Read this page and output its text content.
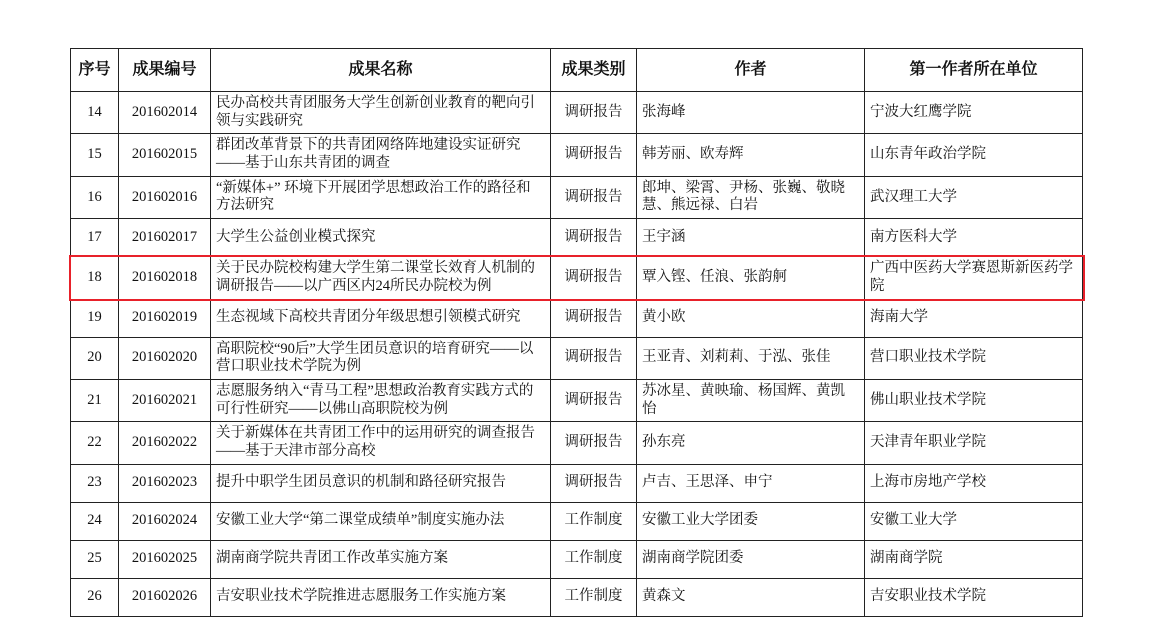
序号	成果编号	成果名称	成果类别	作者	第一作者所在单位
14	201602014	民办高校共青团服务大学生创新创业教育的靶向引领与实践研究	调研报告	张海峰	宁波大红鹰学院
15	201602015	群团改革背景下的共青团网络阵地建设实证研究——基于山东共青团的调查	调研报告	韩芳丽、欧寿辉	山东青年政治学院
16	201602016	“新媒体+” 环境下开展团学思想政治工作的路径和方法研究	调研报告	郎坤、梁霄、尹杨、张巍、敬晓慧、熊远禄、白岩	武汉理工大学
17	201602017	大学生公益创业模式探究	调研报告	王宇涵	南方医科大学
18	201602018	关于民办院校构建大学生第二课堂长效育人机制的调研报告——以广西区内24所民办院校为例	调研报告	覃入铿、任浪、张韵舸	广西中医药大学赛恩斯新医药学院
19	201602019	生态视域下高校共青团分年级思想引领模式研究	调研报告	黄小欧	海南大学
20	201602020	高职院校“90后”大学生团员意识的培育研究——以营口职业技术学院为例	调研报告	王亚青、刘莉莉、于泓、张佳	营口职业技术学院
21	201602021	志愿服务纳入“青马工程”思想政治教育实践方式的可行性研究——以佛山高职院校为例	调研报告	苏冰星、黄映瑜、杨国辉、黄凯怡	佛山职业技术学院
22	201602022	关于新媒体在共青团工作中的运用研究的调查报告——基于天津市部分高校	调研报告	孙东亮	天津青年职业学院
23	201602023	提升中职学生团员意识的机制和路径研究报告	调研报告	卢吉、王思泽、申宁	上海市房地产学校
24	201602024	安徽工业大学“第二课堂成绩单”制度实施办法	工作制度	安徽工业大学团委	安徽工业大学
25	201602025	湖南商学院共青团工作改革实施方案	工作制度	湖南商学院团委	湖南商学院
26	201602026	吉安职业技术学院推进志愿服务工作实施方案	工作制度	黄森文	吉安职业技术学院
